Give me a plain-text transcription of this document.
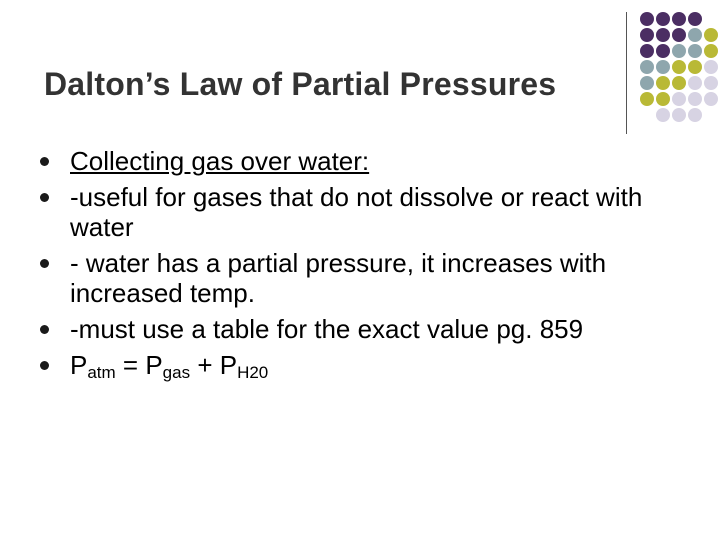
Dalton’s Law of Partial Pressures
Collecting gas over water:
-useful for gases that do not dissolve or react with water
- water has a partial pressure, it increases with increased temp.
-must use a table for the exact value pg. 859
$P_{atm} = P_{gas} + P_{H20}$
